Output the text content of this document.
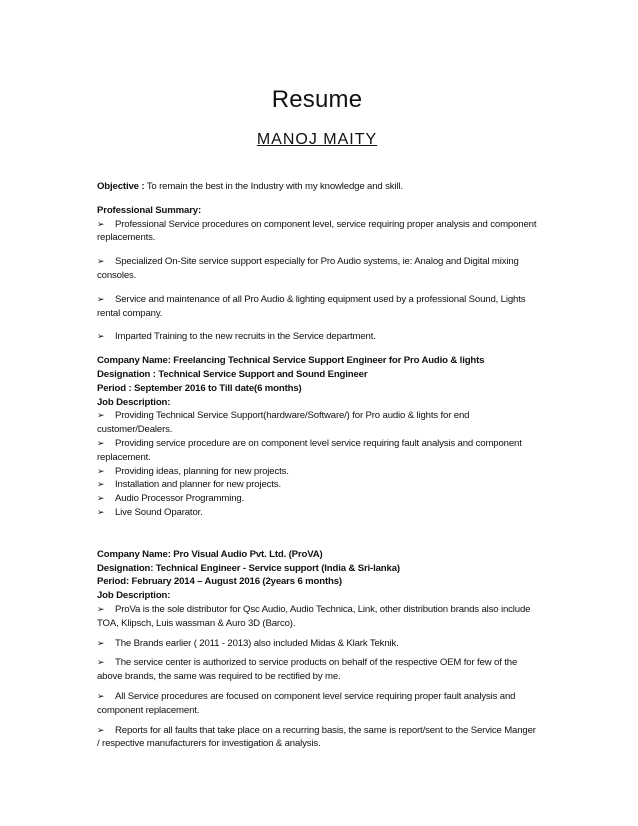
Resume
MANOJ MAITY

Objective : To remain the best in the Industry with my knowledge and skill.

Professional Summary:

➢ Professional Service procedures on component level, service requiring proper analysis and component replacements.
➢ Specialized On-Site service support especially for Pro Audio systems, ie: Analog and Digital mixing consoles.
➢ Service and maintenance of all Pro Audio & lighting equipment used by a professional Sound, Lights rental company.
➢ Imparted Training to the new recruits in the Service department.

Company Name: Freelancing Technical Service Support Engineer for Pro Audio & lights

Designation : Technical Service Support and Sound Engineer

Period : September 2016 to Till date(6 months)

Job Description:

➢ Providing Technical Service Support(hardware/Software/) for Pro audio & lights for end customer/Dealers.
➢ Providing service procedure are on component level service requiring fault analysis and component replacement.
➢ Providing ideas, planning for new projects.
➢ Installation and planner for new projects.
➢ Audio Processor Programming.
➢ Live Sound Oparator.

Company Name: Pro Visual Audio Pvt. Ltd. (ProVA)

Designation: Technical Engineer - Service support (India & Sri-lanka)

Period: February 2014 – August 2016 (2years 6 months)

Job Description:

➢ ProVa is the sole distributor for Qsc Audio, Audio Technica, Link, other distribution brands also include TOA, Klipsch, Luis wassman & Auro 3D (Barco).
➢ The Brands earlier ( 2011 - 2013) also included Midas & Klark Teknik.
➢ The service center is authorized to service products on behalf of the respective OEM for few of the above brands, the same was required to be rectified by me.
➢ All Service procedures are focused on component level service requiring proper fault analysis and component replacement.
➢ Reports for all faults that take place on a recurring basis, the same is report/sent to the Service Manger / respective manufacturers for investigation & analysis.
